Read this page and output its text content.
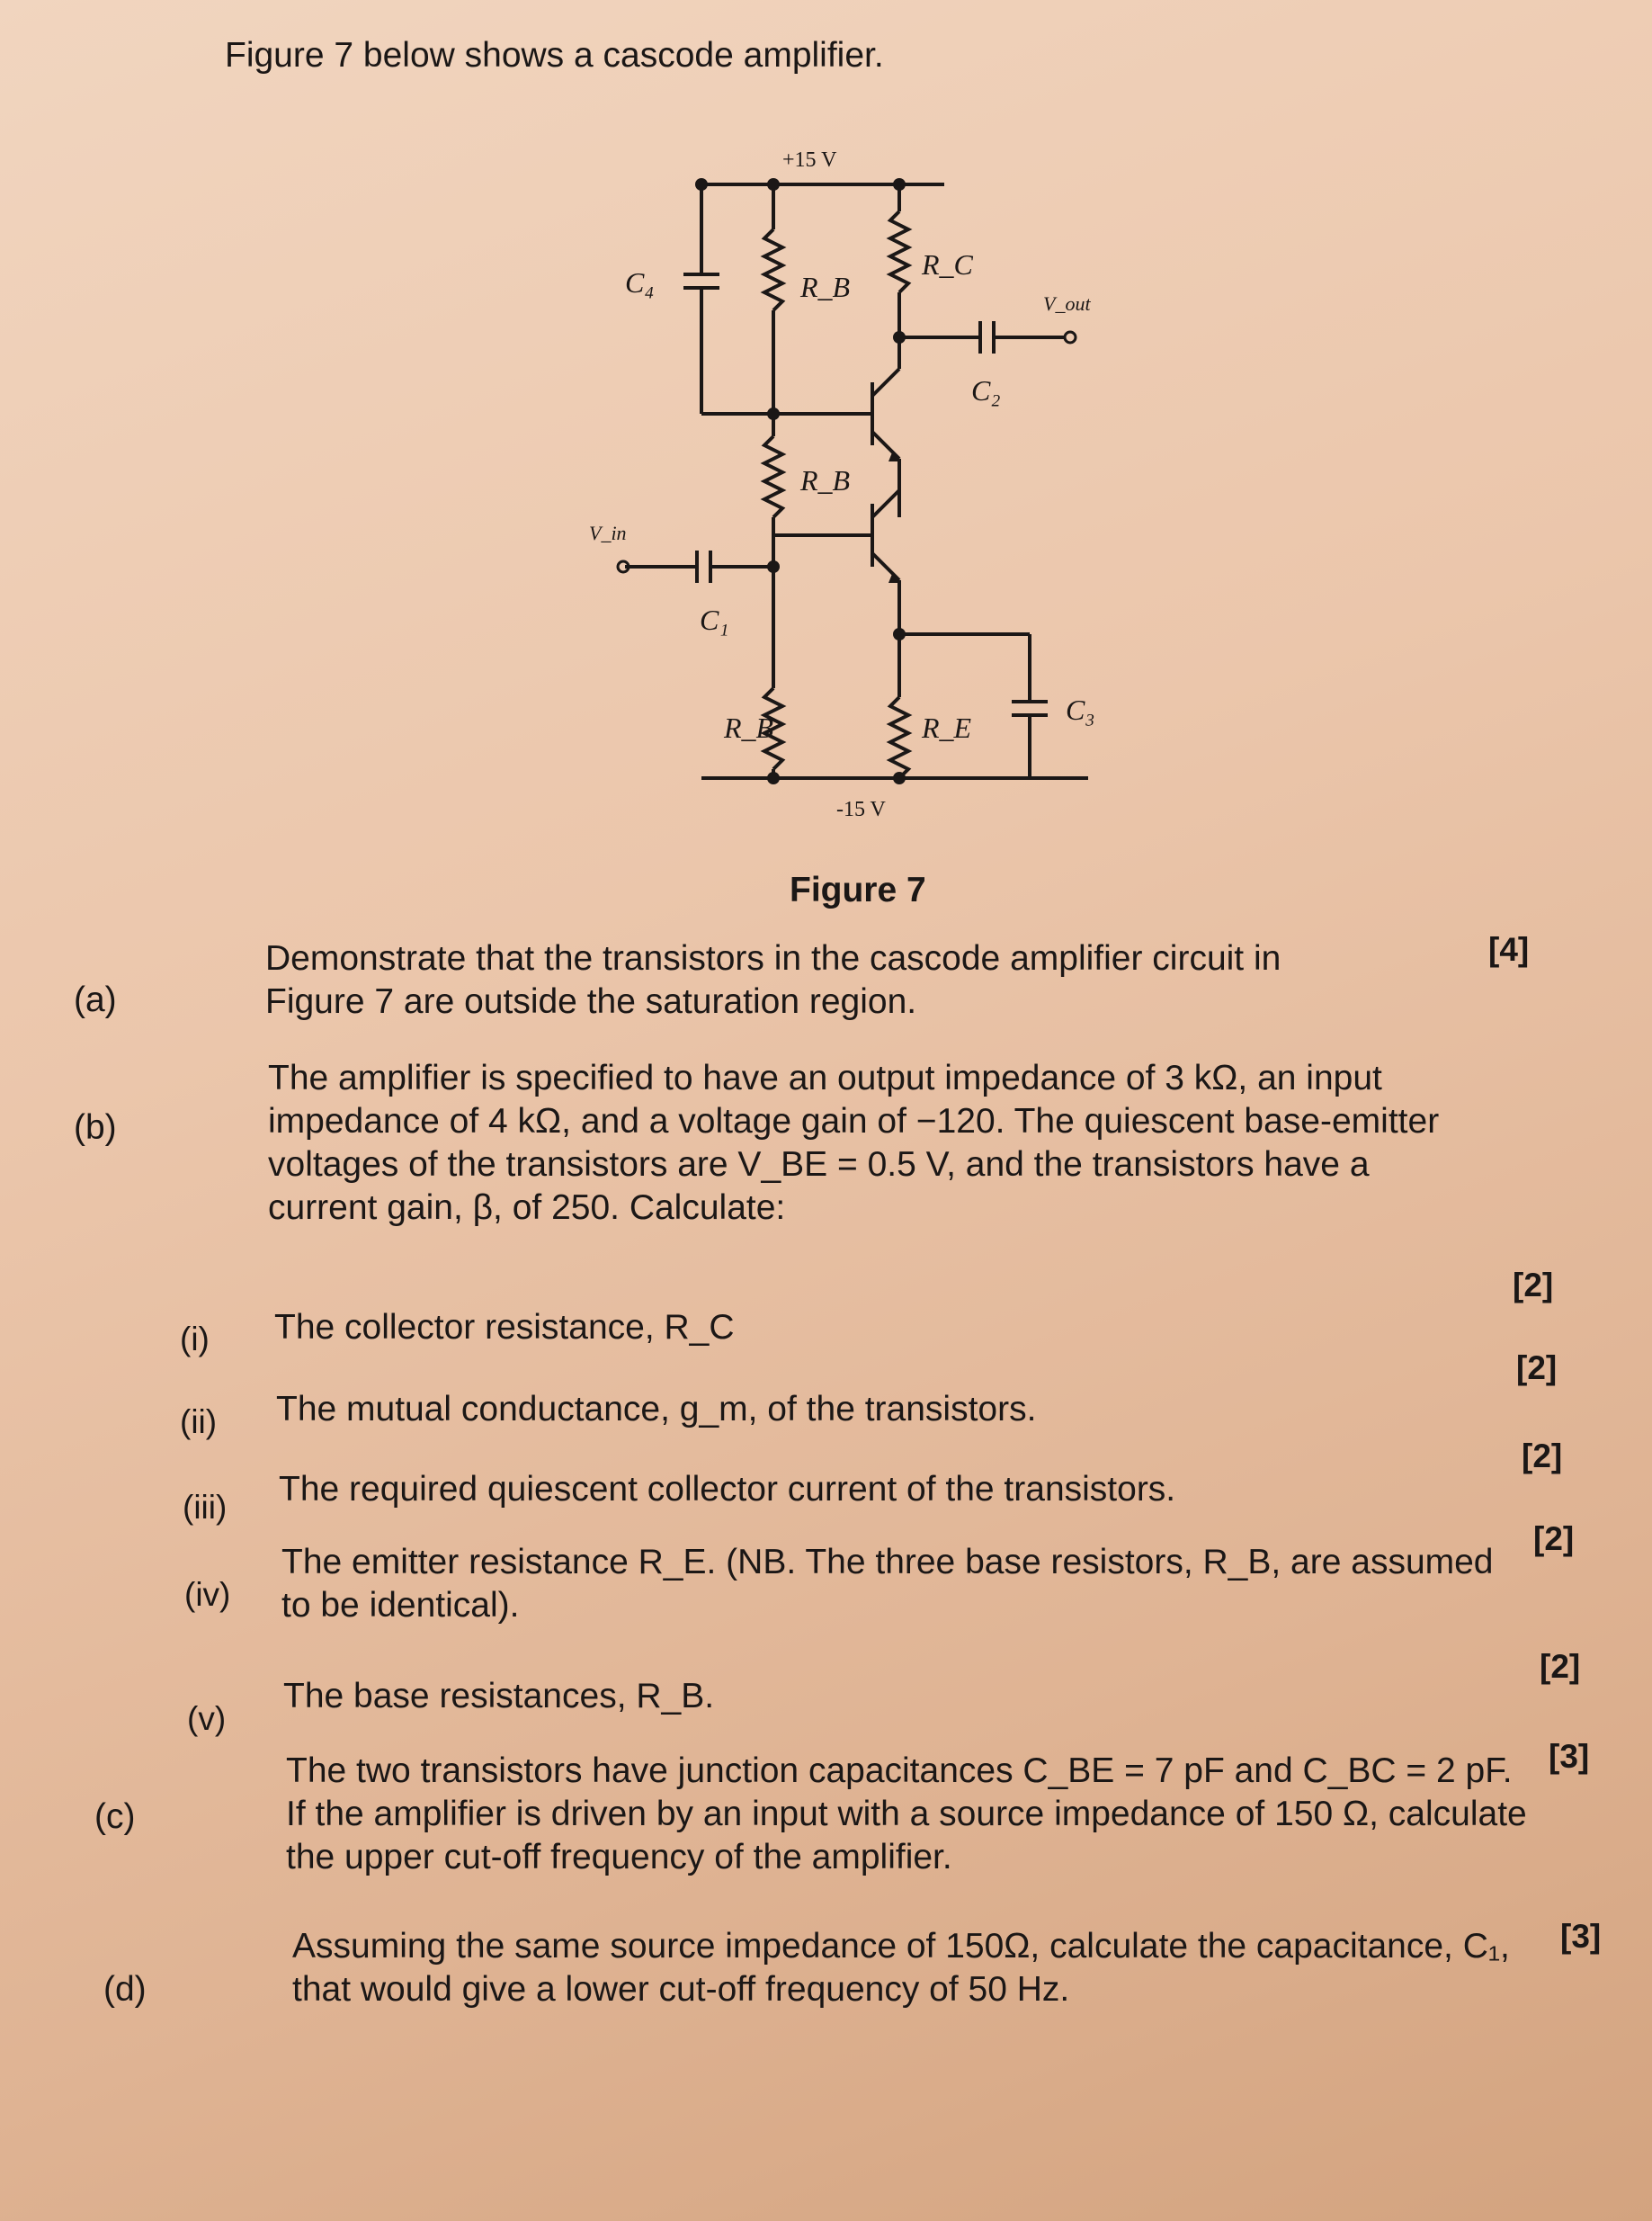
Figure 7 below shows a cascode amplifier.
+15 V
-15 V
C₄	R_B
R_C
V_out
C₂
R_B
V_in
C₁
R_B	R_E
C₃
Figure 7
(a)
Demonstrate that the transistors in the cascode amplifier circuit in Figure 7 are outside the saturation region.
[4]
(b)
The amplifier is specified to have an output impedance of 3 kΩ, an input impedance of 4 kΩ, and a voltage gain of −120. The quiescent base-emitter voltages of the transistors are V_BE = 0.5 V, and the transistors have a current gain, β, of 250. Calculate:
(i) The collector resistance, R_C
[2]
(ii) The mutual conductance, g_m, of the transistors.
[2]
(iii) The required quiescent collector current of the transistors.
[2]
(iv)
The emitter resistance R_E. (NB. The three base resistors, R_B, are assumed to be identical).
[2]
(v)
The base resistances, R_B.
[2]
(c)
The two transistors have junction capacitances C_BE = 7 pF and C_BC = 2 pF. If the amplifier is driven by an input with a source impedance of 150 Ω, calculate the upper cut-off frequency of the amplifier.
[3]
(d)
Assuming the same source impedance of 150Ω, calculate the capacitance, C₁, that would give a lower cut-off frequency of 50 Hz.
[3]
